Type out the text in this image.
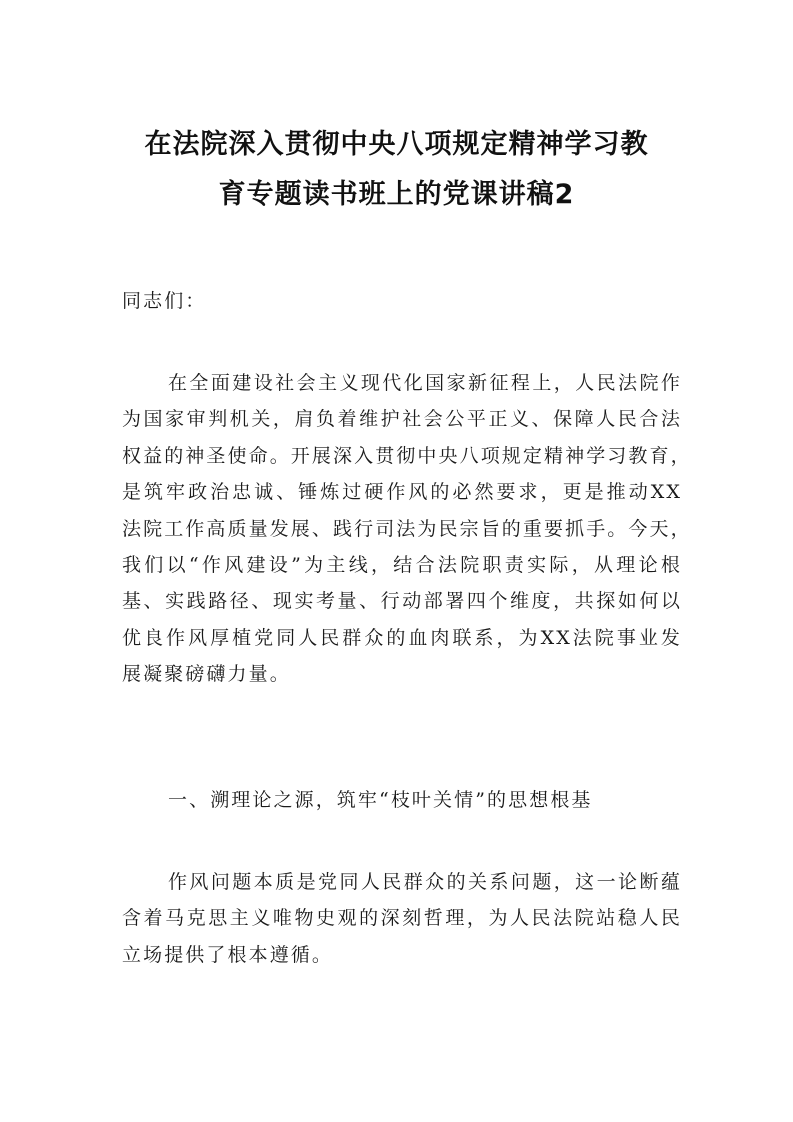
在法院深入贯彻中央八项规定精神学习教
育专题读书班上的党课讲稿2
同志们：
在全面建设社会主义现代化国家新征程上，人民法院作
为国家审判机关，肩负着维护社会公平正义、保障人民合法
权益的神圣使命。开展深入贯彻中央八项规定精神学习教育，
是筑牢政治忠诚、锤炼过硬作风的必然要求，更是推动XX
法院工作高质量发展、践行司法为民宗旨的重要抓手。今天，
我们以“作风建设”为主线，结合法院职责实际，从理论根
基、实践路径、现实考量、行动部署四个维度，共探如何以
优良作风厚植党同人民群众的血肉联系，为XX法院事业发
展凝聚磅礴力量。
一、溯理论之源，筑牢“枝叶关情”的思想根基
作风问题本质是党同人民群众的关系问题，这一论断蕴
含着马克思主义唯物史观的深刻哲理，为人民法院站稳人民
立场提供了根本遵循。
